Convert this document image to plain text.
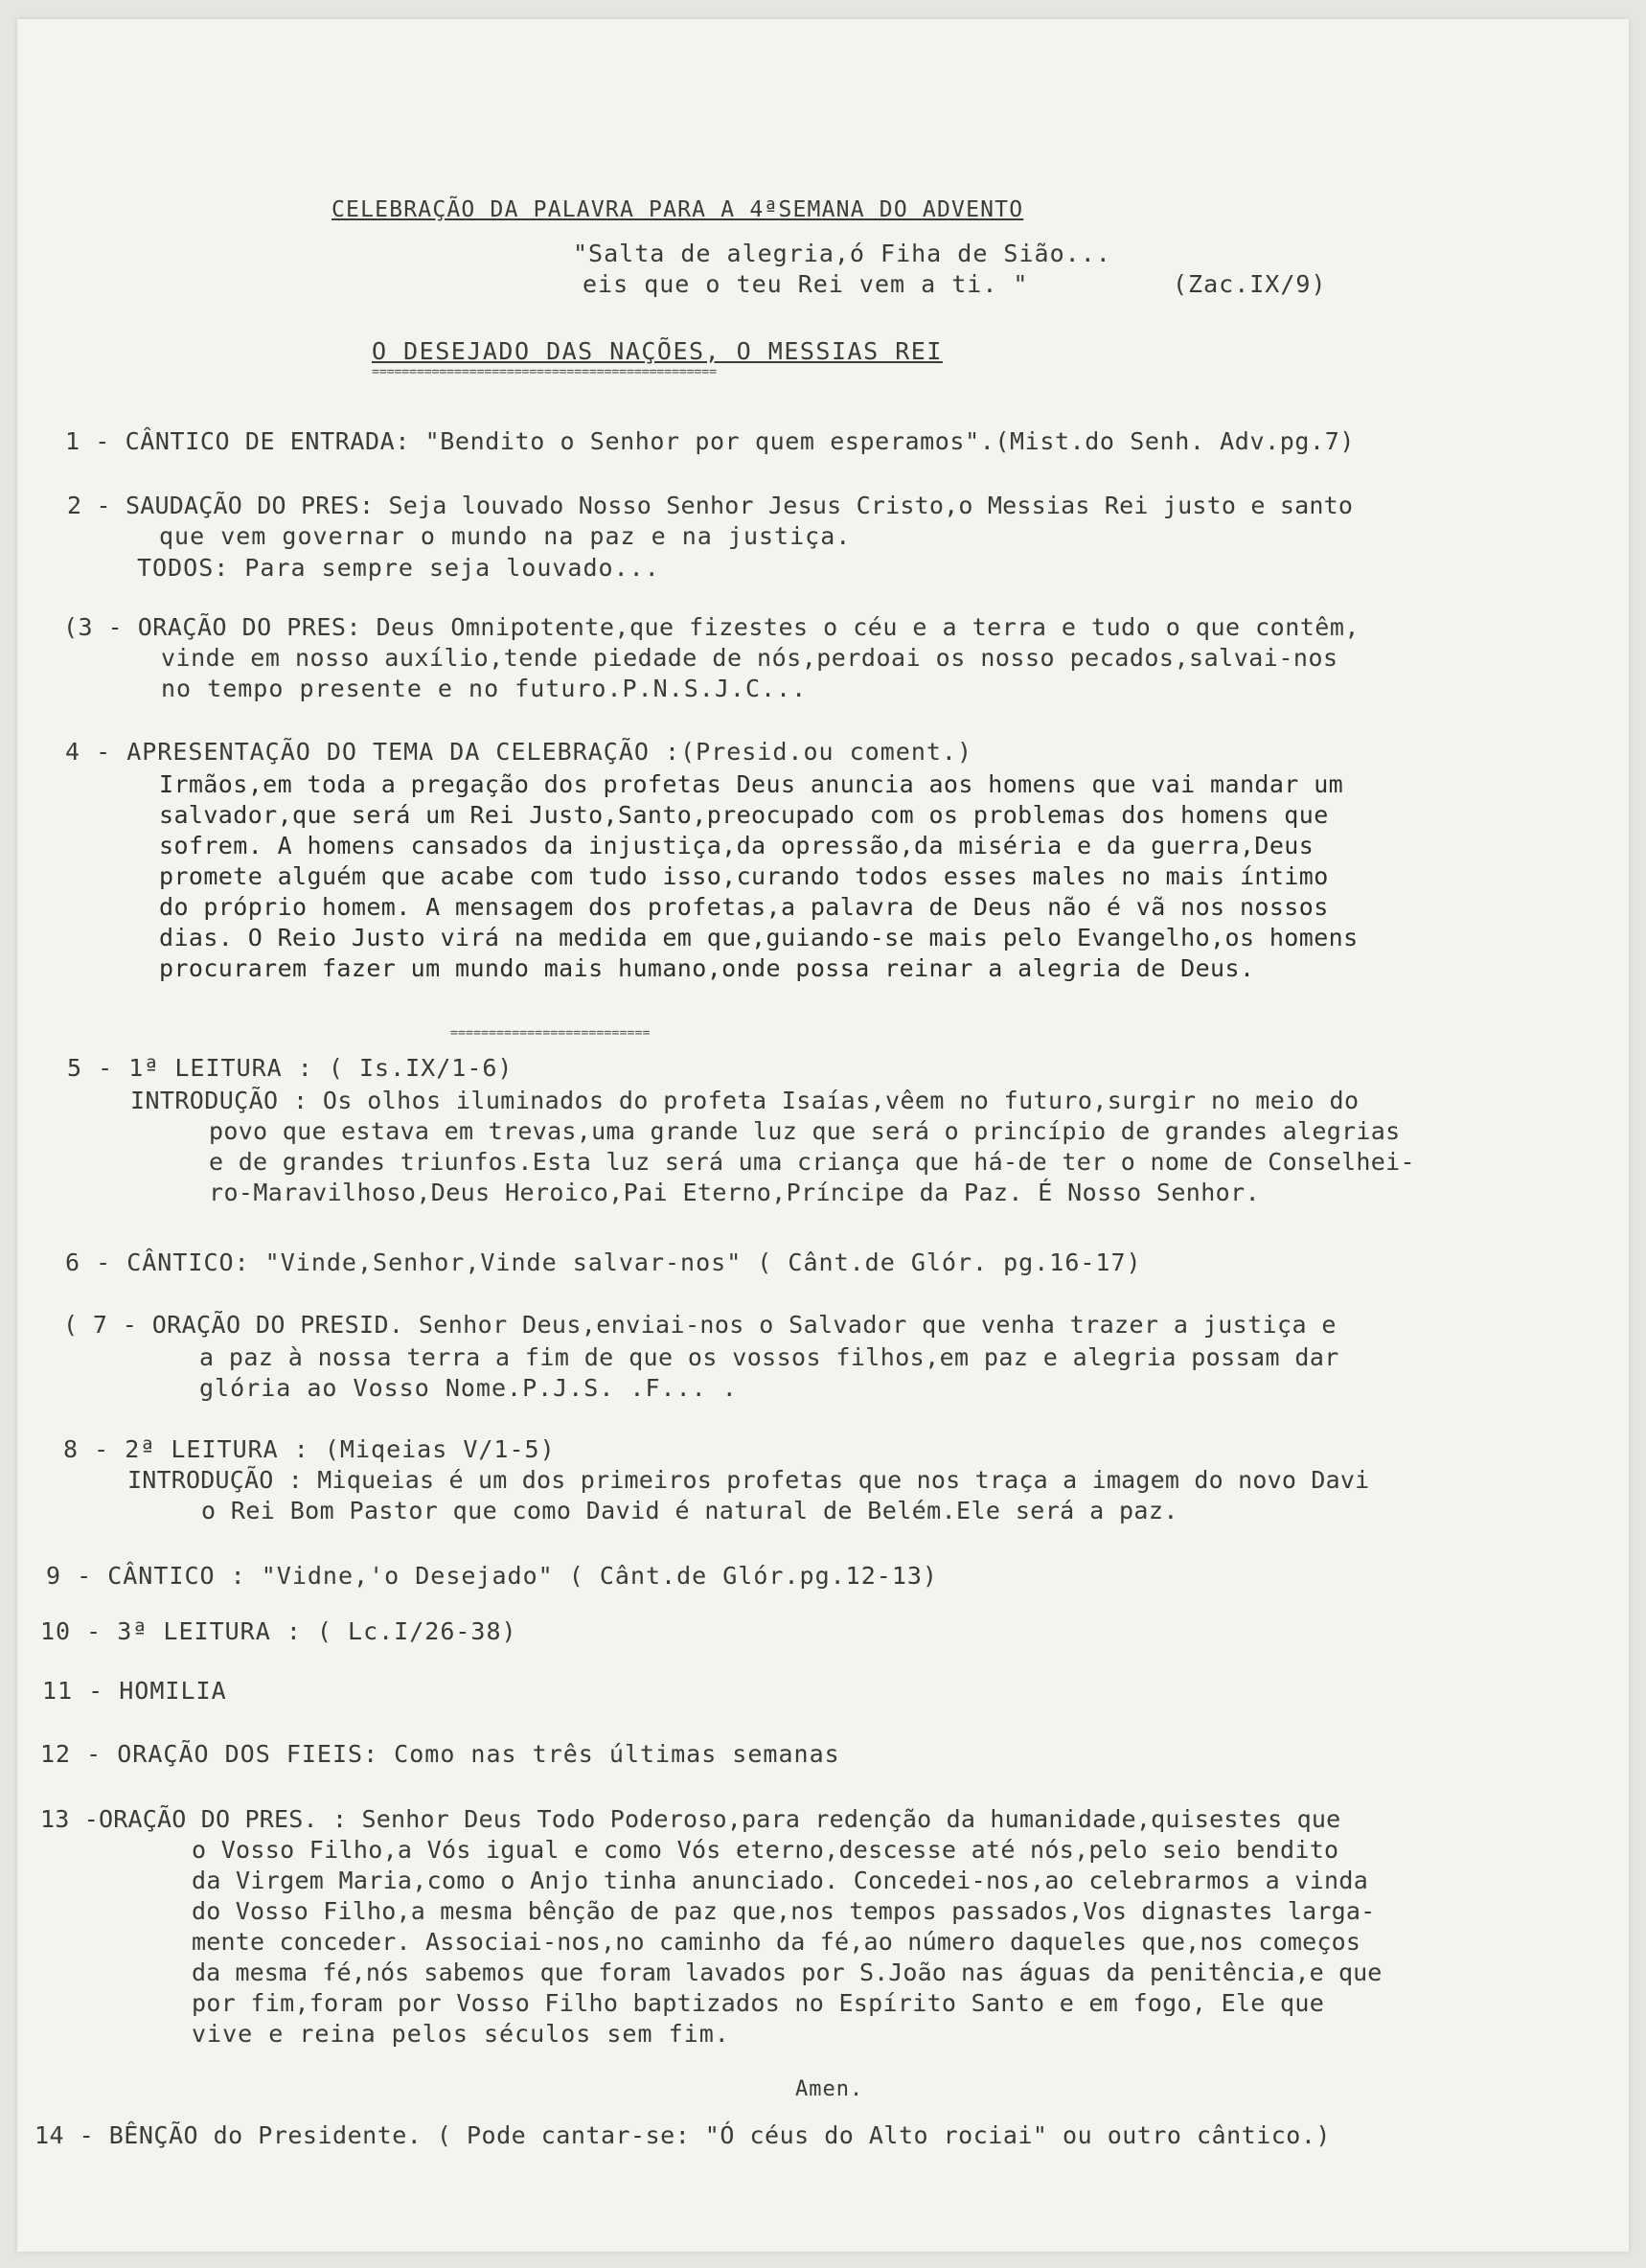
CELEBRAÇÃO DA PALAVRA PARA A 4ªSEMANA DO ADVENTO
"Salta de alegria,ó Fiha de Sião...
eis que o teu Rei vem a ti. "	(Zac.IX/9)
O DESEJADO DAS NAÇÕES, O MESSIAS REI
==============================================
1 - CÂNTICO DE ENTRADA: "Bendito o Senhor por quem esperamos".(Mist.do Senh. Adv.pg.7)
2 - SAUDAÇÃO DO PRES: Seja louvado Nosso Senhor Jesus Cristo,o Messias Rei justo e santo
que vem governar o mundo na paz e na justiça.
TODOS: Para sempre seja louvado...
(3 - ORAÇÃO DO PRES: Deus Omnipotente,que fizestes o céu e a terra e tudo o que contêm,
vinde em nosso auxílio,tende piedade de nós,perdoai os nosso pecados,salvai-nos
no tempo presente e no futuro.P.N.S.J.C...
4 - APRESENTAÇÃO DO TEMA DA CELEBRAÇÃO :(Presid.ou coment.)
Irmãos,em toda a pregação dos profetas Deus anuncia aos homens que vai mandar um
salvador,que será um Rei Justo,Santo,preocupado com os problemas dos homens que
sofrem. A homens cansados da injustiça,da opressão,da miséria e da guerra,Deus
promete alguém que acabe com tudo isso,curando todos esses males no mais íntimo
do próprio homem. A mensagem dos profetas,a palavra de Deus não é vã nos nossos
dias. O Reio Justo virá na medida em que,guiando-se mais pelo Evangelho,os homens
procurarem fazer um mundo mais humano,onde possa reinar a alegria de Deus.
==========================
5 - 1ª LEITURA : ( Is.IX/1-6)
INTRODUÇÃO : Os olhos iluminados do profeta Isaías,vêem no futuro,surgir no meio do
povo que estava em trevas,uma grande luz que será o princípio de grandes alegrias
e de grandes triunfos.Esta luz será uma criança que há-de ter o nome de Conselhei-
ro-Maravilhoso,Deus Heroico,Pai Eterno,Príncipe da Paz. É Nosso Senhor.
6 - CÂNTICO: "Vinde,Senhor,Vinde salvar-nos" ( Cânt.de Glór. pg.16-17)
( 7 - ORAÇÃO DO PRESID. Senhor Deus,enviai-nos o Salvador que venha trazer a justiça e
a paz à nossa terra a fim de que os vossos filhos,em paz e alegria possam dar
glória ao Vosso Nome.P.J.S. .F... .
8 - 2ª LEITURA : (Miqeias V/1-5)
INTRODUÇÃO : Miqueias é um dos primeiros profetas que nos traça a imagem do novo Davi
o Rei Bom Pastor que como David é natural de Belém.Ele será a paz.
9 - CÂNTICO : "Vidne,'o Desejado" ( Cânt.de Glór.pg.12-13)
10 - 3ª LEITURA : ( Lc.I/26-38)
11 - HOMILIA
12 - ORAÇÃO DOS FIEIS: Como nas três últimas semanas
13 -ORAÇÃO DO PRES. : Senhor Deus Todo Poderoso,para redenção da humanidade,quisestes que
o Vosso Filho,a Vós igual e como Vós eterno,descesse até nós,pelo seio bendito
da Virgem Maria,como o Anjo tinha anunciado. Concedei-nos,ao celebrarmos a vinda
do Vosso Filho,a mesma bênção de paz que,nos tempos passados,Vos dignastes larga-
mente conceder. Associai-nos,no caminho da fé,ao número daqueles que,nos começos
da mesma fé,nós sabemos que foram lavados por S.João nas águas da penitência,e que
por fim,foram por Vosso Filho baptizados no Espírito Santo e em fogo, Ele que
vive e reina pelos séculos sem fim.
Amen.
14 - BÊNÇÃO do Presidente. ( Pode cantar-se: "Ó céus do Alto rociai" ou outro cântico.)
